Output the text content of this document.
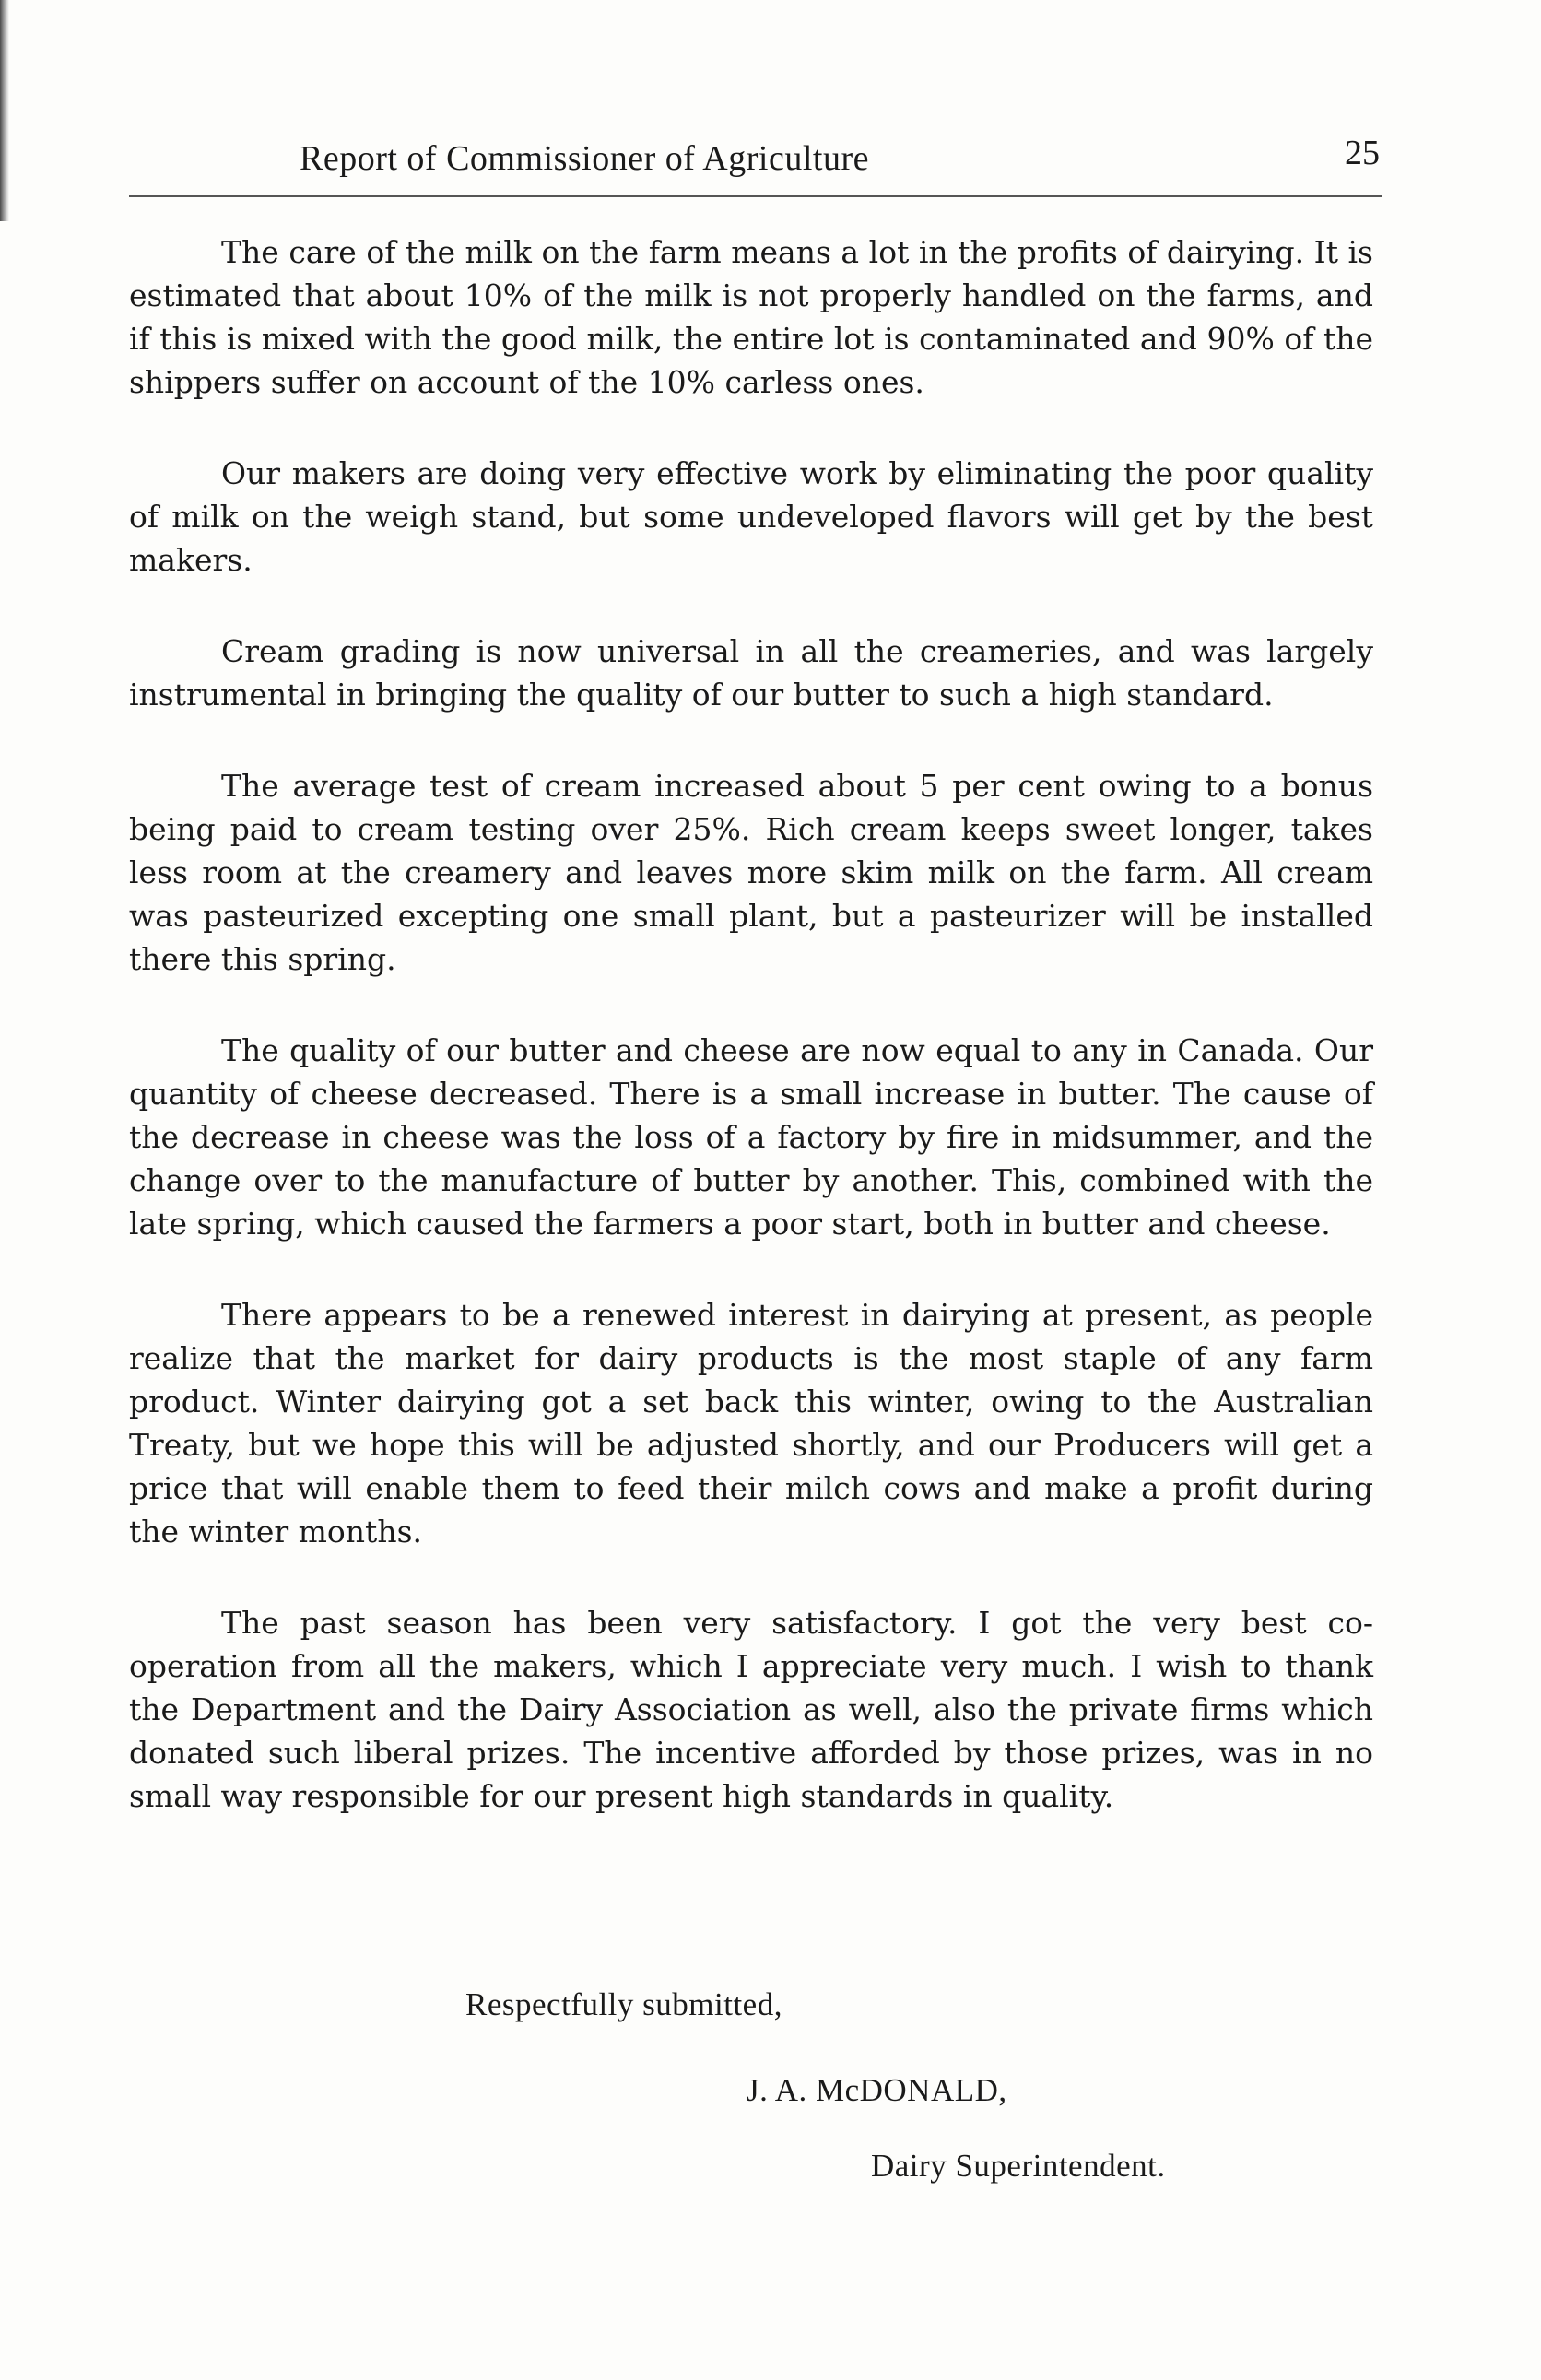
Report of Commissioner of Agriculture	25

The care of the milk on the farm means a lot in the profits of dairying. It is estimated that about 10% of the milk is not properly handled on the farms, and if this is mixed with the good milk, the entire lot is contaminated and 90% of the shippers suffer on account of the 10% carless ones.

Our makers are doing very effective work by eliminating the poor quality of milk on the weigh stand, but some undeveloped flavors will get by the best makers.

Cream grading is now universal in all the creameries, and was largely instrumental in bringing the quality of our butter to such a high standard.

The average test of cream increased about 5 per cent owing to a bonus being paid to cream testing over 25%. Rich cream keeps sweet longer, takes less room at the creamery and leaves more skim milk on the farm. All cream was pasteurized excepting one small plant, but a pasteurizer will be installed there this spring.

The quality of our butter and cheese are now equal to any in Canada. Our quantity of cheese decreased. There is a small increase in butter. The cause of the decrease in cheese was the loss of a factory by fire in midsummer, and the change over to the manufacture of butter by another. This, combined with the late spring, which caused the farmers a poor start, both in butter and cheese.

There appears to be a renewed interest in dairying at present, as people realize that the market for dairy products is the most staple of any farm product. Winter dairying got a set back this winter, owing to the Australian Treaty, but we hope this will be adjusted shortly, and our Producers will get a price that will enable them to feed their milch cows and make a profit during the winter months.

The past season has been very satisfactory. I got the very best co-operation from all the makers, which I appreciate very much. I wish to thank the Department and the Dairy Association as well, also the private firms which donated such liberal prizes. The incentive afforded by those prizes, was in no small way responsible for our present high standards in quality.

Respectfully submitted,
J. A. McDONALD,
Dairy Superintendent.
